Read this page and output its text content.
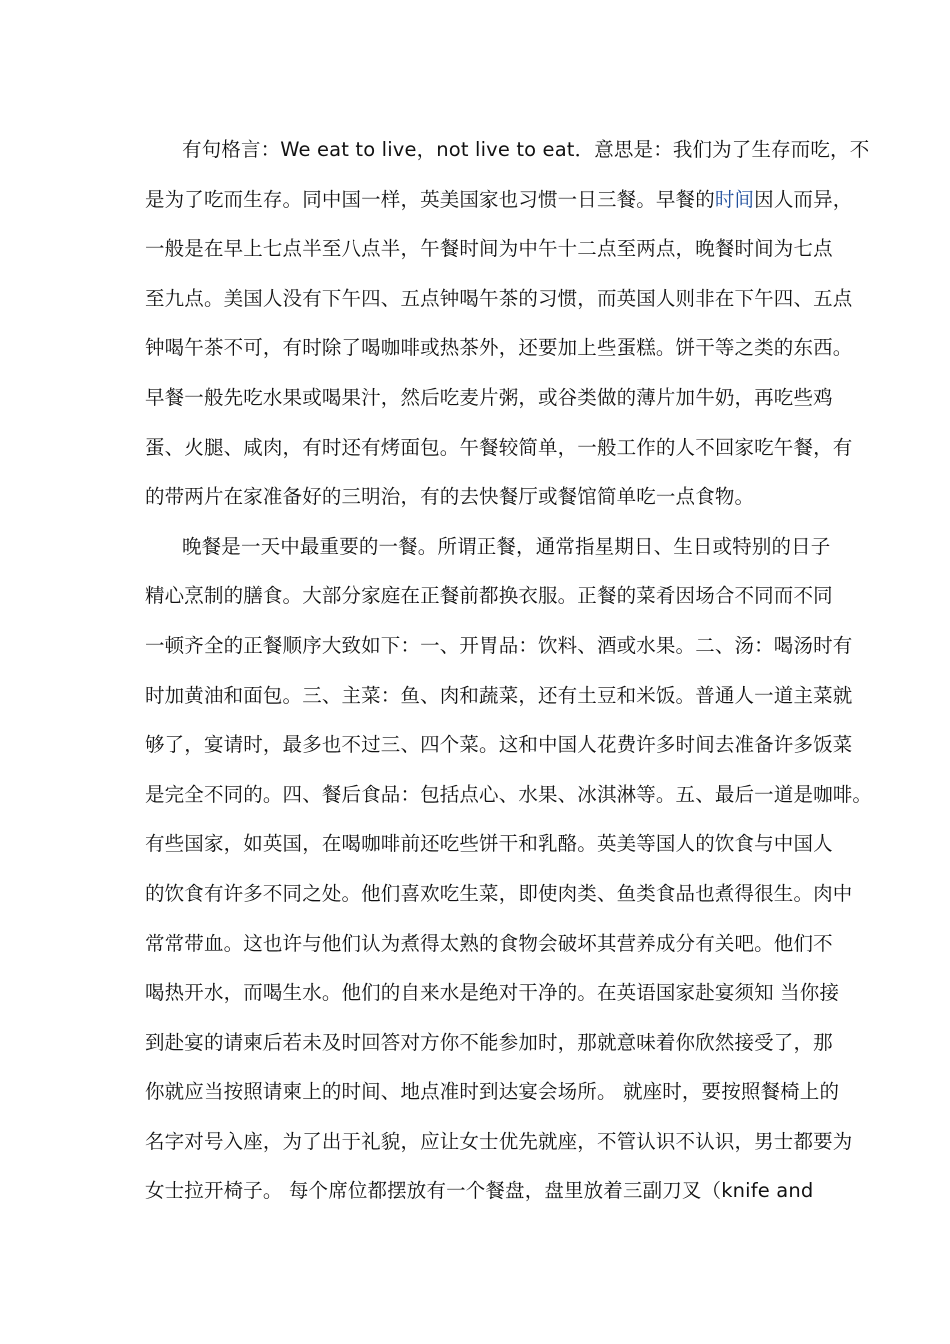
有句格言：We eat to live，not live to eat．意思是：我们为了生存而吃，不
是为了吃而生存。同中国一样，英美国家也习惯一日三餐。早餐的时间因人而异，
一般是在早上七点半至八点半，午餐时间为中午十二点至两点，晚餐时间为七点
至九点。美国人没有下午四、五点钟喝午茶的习惯，而英国人则非在下午四、五点
钟喝午茶不可，有时除了喝咖啡或热茶外，还要加上些蛋糕。饼干等之类的东西。
早餐一般先吃水果或喝果汁，然后吃麦片粥，或谷类做的薄片加牛奶，再吃些鸡
蛋、火腿、咸肉，有时还有烤面包。午餐较简单，一般工作的人不回家吃午餐，有
的带两片在家准备好的三明治，有的去快餐厅或餐馆简单吃一点食物。
晚餐是一天中最重要的一餐。所谓正餐，通常指星期日、生日或特别的日子
精心烹制的膳食。大部分家庭在正餐前都换衣服。正餐的菜肴因场合不同而不同
一顿齐全的正餐顺序大致如下：一、开胃品：饮料、酒或水果。二、汤：喝汤时有
时加黄油和面包。三、主菜：鱼、肉和蔬菜，还有土豆和米饭。普通人一道主菜就
够了，宴请时，最多也不过三、四个菜。这和中国人花费许多时间去准备许多饭菜
是完全不同的。四、餐后食品：包括点心、水果、冰淇淋等。五、最后一道是咖啡。
有些国家，如英国，在喝咖啡前还吃些饼干和乳酪。英美等国人的饮食与中国人
的饮食有许多不同之处。他们喜欢吃生菜，即使肉类、鱼类食品也煮得很生。肉中
常常带血。这也许与他们认为煮得太熟的食物会破坏其营养成分有关吧。他们不
喝热开水，而喝生水。他们的自来水是绝对干净的。在英语国家赴宴须知 当你接
到赴宴的请柬后若未及时回答对方你不能参加时，那就意味着你欣然接受了，那
你就应当按照请柬上的时间、地点准时到达宴会场所。 就座时，要按照餐椅上的
名字对号入座，为了出于礼貌，应让女士优先就座，不管认识不认识，男士都要为
女士拉开椅子。 每个席位都摆放有一个餐盘，盘里放着三副刀叉（knife and
